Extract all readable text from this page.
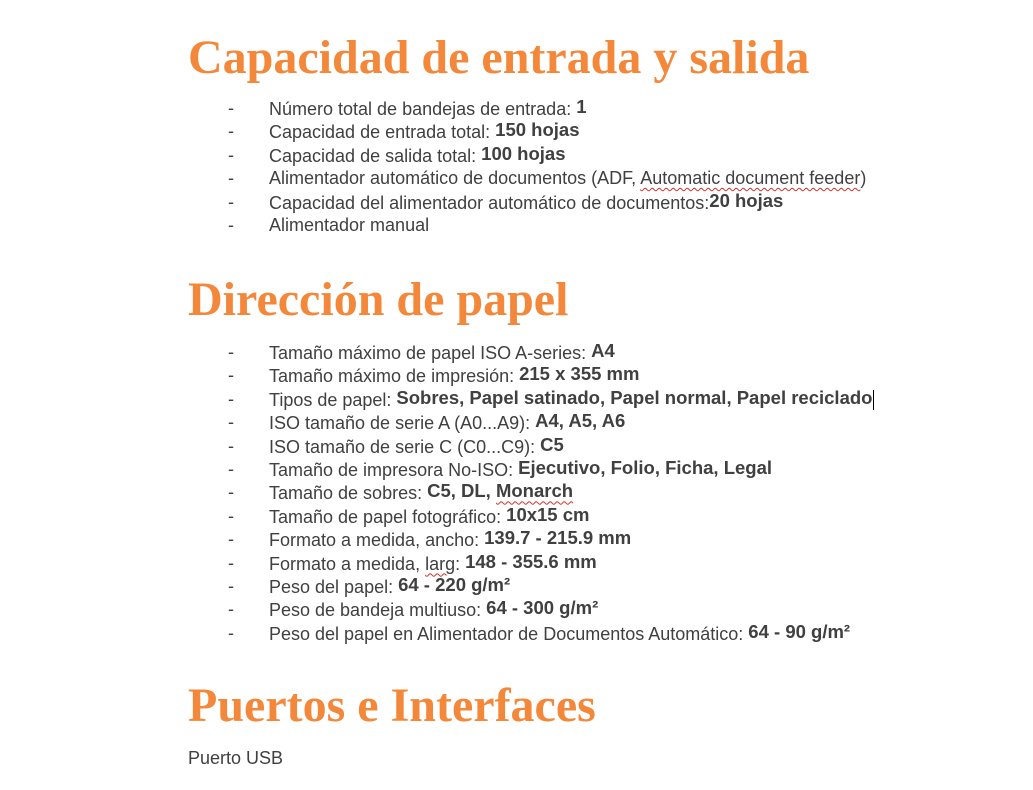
Capacidad de entrada y salida
- Número total de bandejas de entrada: 1
- Capacidad de entrada total: 150 hojas
- Capacidad de salida total: 100 hojas
- Alimentador automático de documentos (ADF, Automatic document feeder)
- Capacidad del alimentador automático de documentos:20 hojas
- Alimentador manual
Dirección de papel
- Tamaño máximo de papel ISO A-series: A4
- Tamaño máximo de impresión: 215 x 355 mm
- Tipos de papel: Sobres, Papel satinado, Papel normal, Papel reciclado
- ISO tamaño de serie A (A0...A9): A4, A5, A6
- ISO tamaño de serie C (C0...C9): C5
- Tamaño de impresora No-ISO: Ejecutivo, Folio, Ficha, Legal
- Tamaño de sobres: C5, DL, Monarch
- Tamaño de papel fotográfico: 10x15 cm
- Formato a medida, ancho: 139.7 - 215.9 mm
- Formato a medida, larg: 148 - 355.6 mm
- Peso del papel: 64 - 220 g/m²
- Peso de bandeja multiuso: 64 - 300 g/m²
- Peso del papel en Alimentador de Documentos Automático: 64 - 90 g/m²
Puertos e Interfaces
Puerto USB
